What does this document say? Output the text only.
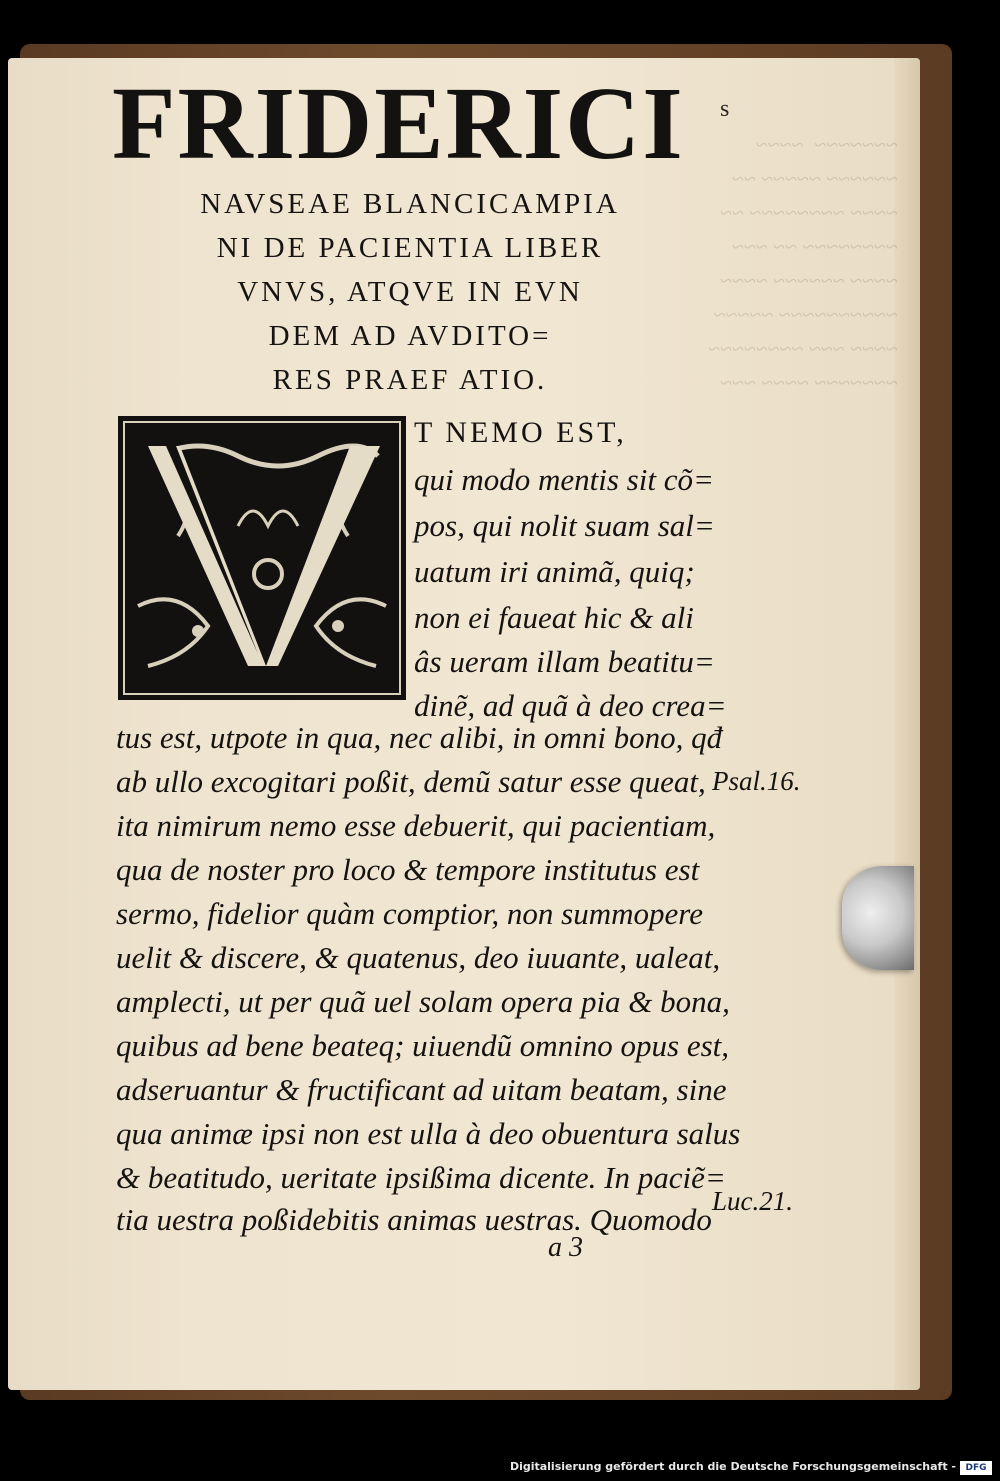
~~~~~~~  ~~~~
~~~~~~ ~~~~~ ~~
~~~~ ~~~~~~~~ ~~
~~~~~~~~ ~~ ~~~
~~~~ ~~~~~~ ~~~~
~~~~~~~~~~ ~~~~~
~~~~ ~~~ ~~~~~~~~
~~~~~~~ ~~~~ ~~~
FRIDERICI
NAVSEAE BLANCICAMPIA
NI DE PACIENTIA LIBER
VNVS, ATQVE IN EVN
DEM AD AVDITO=
RES PRAEF ATIO.
T NEMO EST,
qui modo mentis sit cõ=
pos, qui nolit suam sal=
uatum iri animã, quiq;
non ei faueat hic & ali
âs ueram illam beatitu=
dinẽ, ad quã à deo crea=
tus est, utpote in qua, nec alibi, in omni bono, qđ
ab ullo excogitari poßit, demũ satur esse queat,
ita nimirum nemo esse debuerit, qui pacientiam,
qua de noster pro loco & tempore institutus est
sermo, fidelior quàm comptior, non summopere
uelit & discere, & quatenus, deo iuuante, ualeat,
amplecti, ut per quã uel solam opera pia & bona,
quibus ad bene beateq; uiuendũ omnino opus est,
adseruantur & fructificant ad uitam beatam, sine
qua animæ ipsi non est ulla à deo obuentura salus
& beatitudo, ueritate ipsißima dicente. In paciẽ=
tia uestra poßidebitis animas uestras. Quomodo
Psal.16.
Luc.21.
a 3
s
Digitalisierung gefördert durch die Deutsche Forschungsgemeinschaft -	DFG
